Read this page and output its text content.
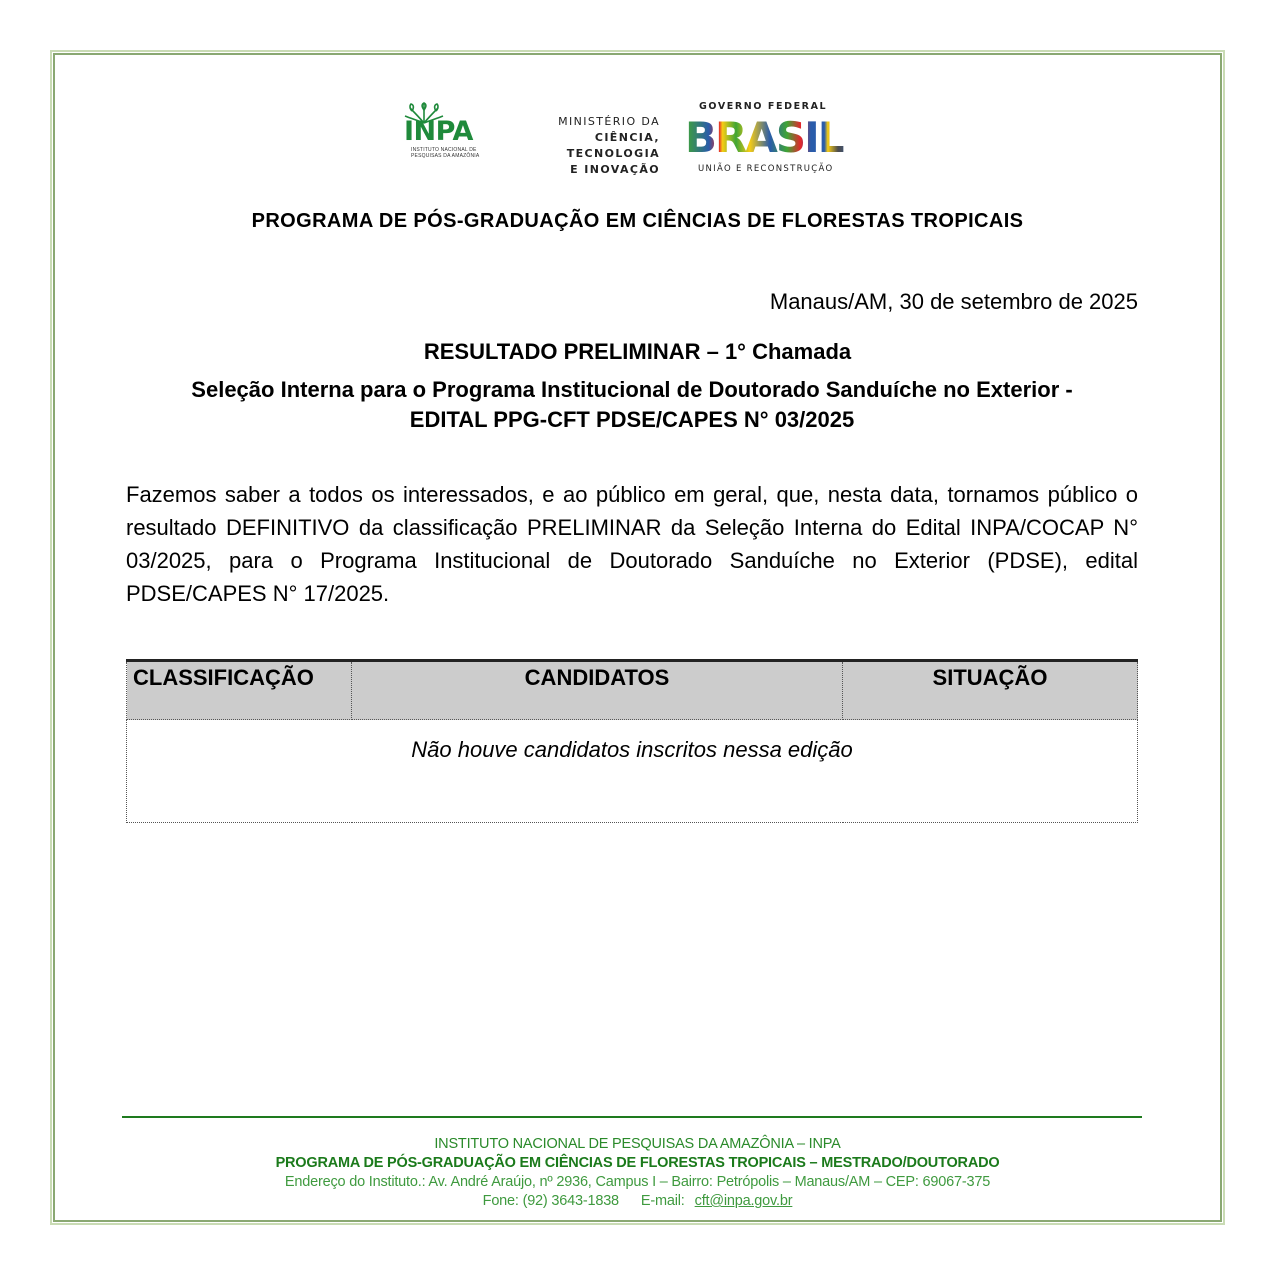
INPA
INSTITUTO NACIONAL DE
PESQUISAS DA AMAZÔNIA
MINISTÉRIO DA
CIÊNCIA, TECNOLOGIA
E INOVAÇÃO
GOVERNO FEDERAL
BRASIL
UNIÃO E RECONSTRUÇÃO
PROGRAMA DE PÓS-GRADUAÇÃO EM CIÊNCIAS DE FLORESTAS TROPICAIS
Manaus/AM, 30 de setembro de 2025
RESULTADO PRELIMINAR – 1° Chamada
Seleção Interna para o Programa Institucional de Doutorado Sanduíche no Exterior -
EDITAL PPG-CFT PDSE/CAPES N° 03/2025
Fazemos saber a todos os interessados, e ao público em geral, que, nesta data, tornamos público o resultado DEFINITIVO da classificação PRELIMINAR da Seleção Interna do Edital INPA/COCAP N° 03/2025, para o Programa Institucional de Doutorado Sanduíche no Exterior (PDSE), edital PDSE/CAPES N° 17/2025.
CLASSIFICAÇÃO	CANDIDATOS	SITUAÇÃO
Não houve candidatos inscritos nessa edição
INSTITUTO NACIONAL DE PESQUISAS DA AMAZÔNIA – INPA
PROGRAMA DE PÓS-GRADUAÇÃO EM CIÊNCIAS DE FLORESTAS TROPICAIS – MESTRADO/DOUTORADO
Endereço do Instituto.: Av. André Araújo, nº 2936, Campus I – Bairro: Petrópolis – Manaus/AM – CEP: 69067-375
Fone: (92) 3643-1838 E-mail: cft@inpa.gov.br
